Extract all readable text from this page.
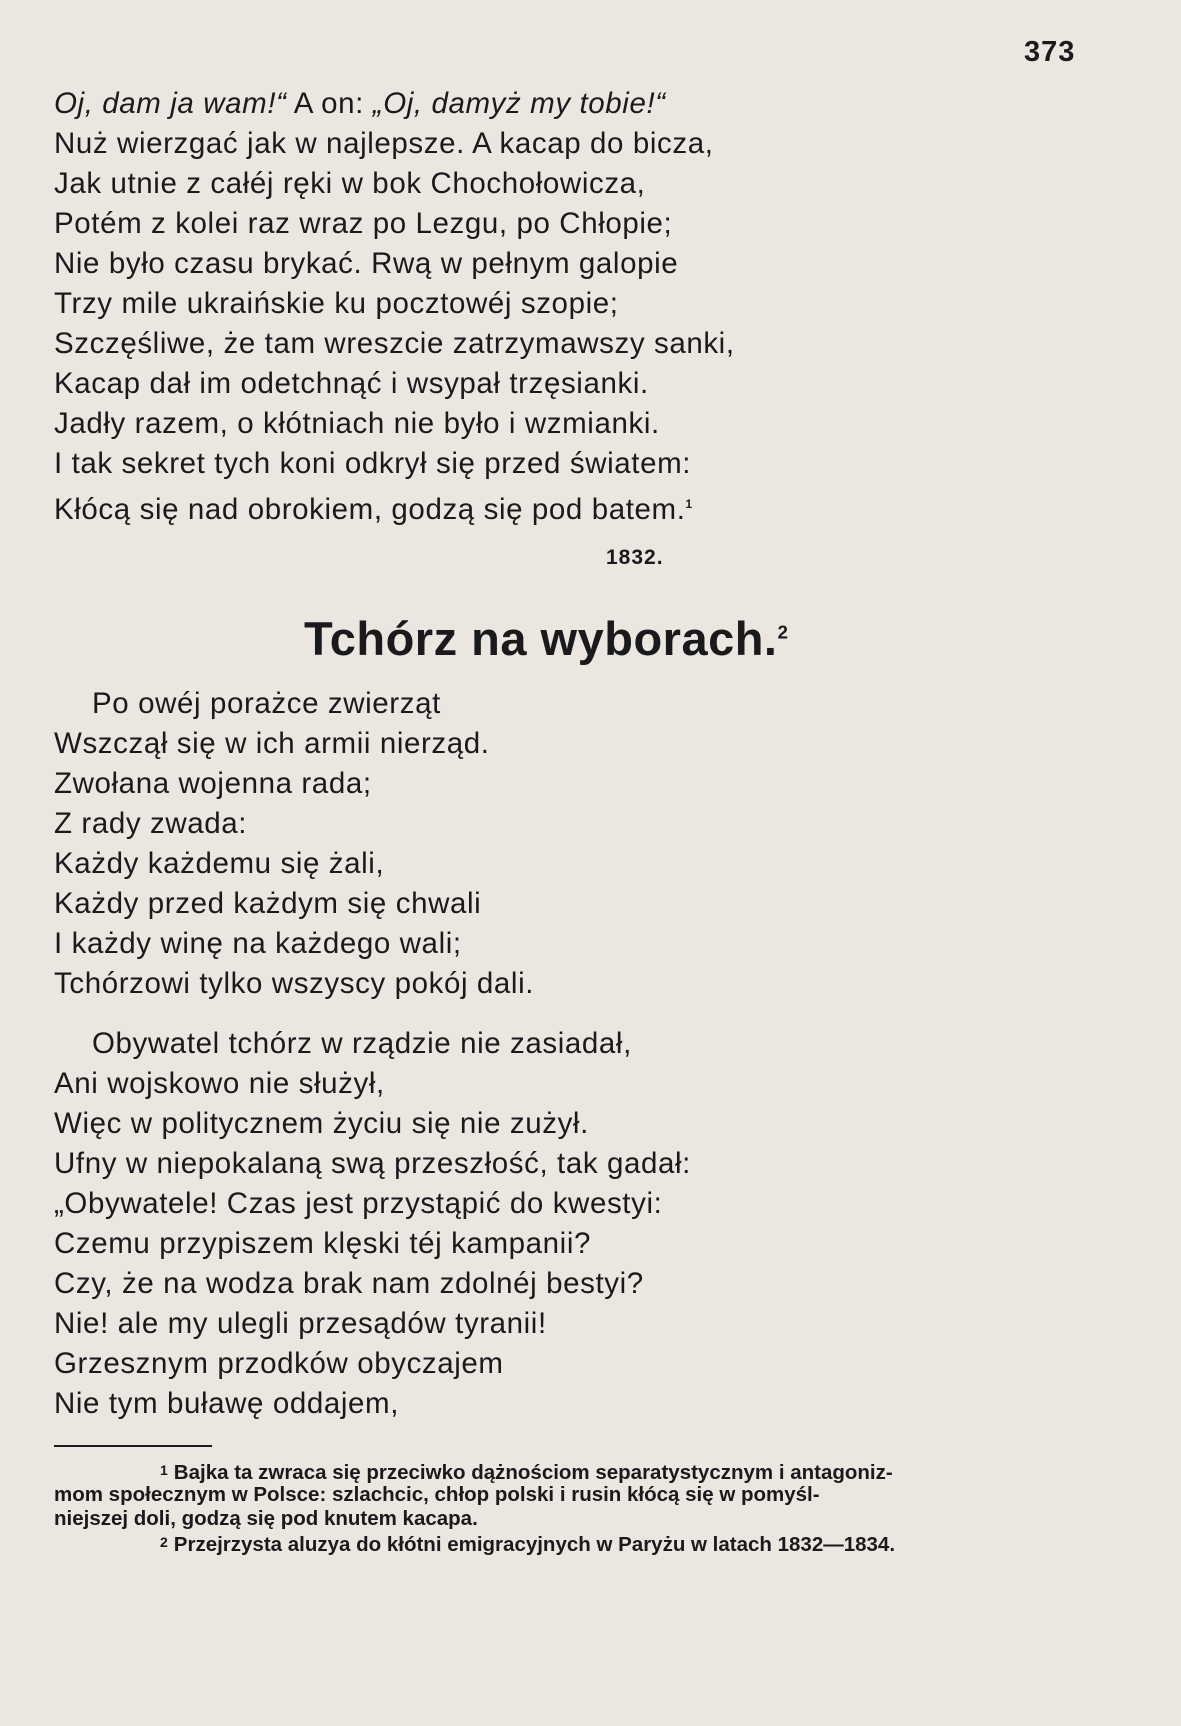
373
Oj, dam ja wam!“ A on: „Oj, damyż my tobie!“
Nuż wierzgać jak w najlepsze. A kacap do bicza,
Jak utnie z całéj ręki w bok Chochołowicza,
Potém z kolei raz wraz po Lezgu, po Chłopie;
Nie było czasu brykać. Rwą w pełnym galopie
Trzy mile ukraińskie ku pocztowéj szopie;
Szczęśliwe, że tam wreszcie zatrzymawszy sanki,
Kacap dał im odetchnąć i wsypał trzęsianki.
Jadły razem, o kłótniach nie było i wzmianki.
I tak sekret tych koni odkrył się przed światem:
Kłócą się nad obrokiem, godzą się pod batem.$^1$
1832.
Tchórz na wyborach.$^2$
Po owéj porażce zwierząt
Wszczął się w ich armii nierząd.
Zwołana wojenna rada;
Z rady zwada:
Każdy każdemu się żali,
Każdy przed każdym się chwali
I każdy winę na każdego wali;
Tchórzowi tylko wszyscy pokój dali.
Obywatel tchórz w rządzie nie zasiadał,
Ani wojskowo nie służył,
Więc w politycznem życiu się nie zużył.
Ufny w niepokalaną swą przeszłość, tak gadał:
„Obywatele! Czas jest przystąpić do kwestyi:
Czemu przypiszem klęski téj kampanii?
Czy, że na wodza brak nam zdolnéj bestyi?
Nie! ale my ulegli przesądów tyranii!
Grzesznym przodków obyczajem
Nie tym buławę oddajem,
1 Bajka ta zwraca się przeciwko dążnościom separatystycznym i antagoniz-
mom społecznym w Polsce: szlachcic, chłop polski i rusin kłócą się w pomyśl-
niejszej doli, godzą się pod knutem kacapa.
2 Przejrzysta aluzya do kłótni emigracyjnych w Paryżu w latach 1832—1834.
